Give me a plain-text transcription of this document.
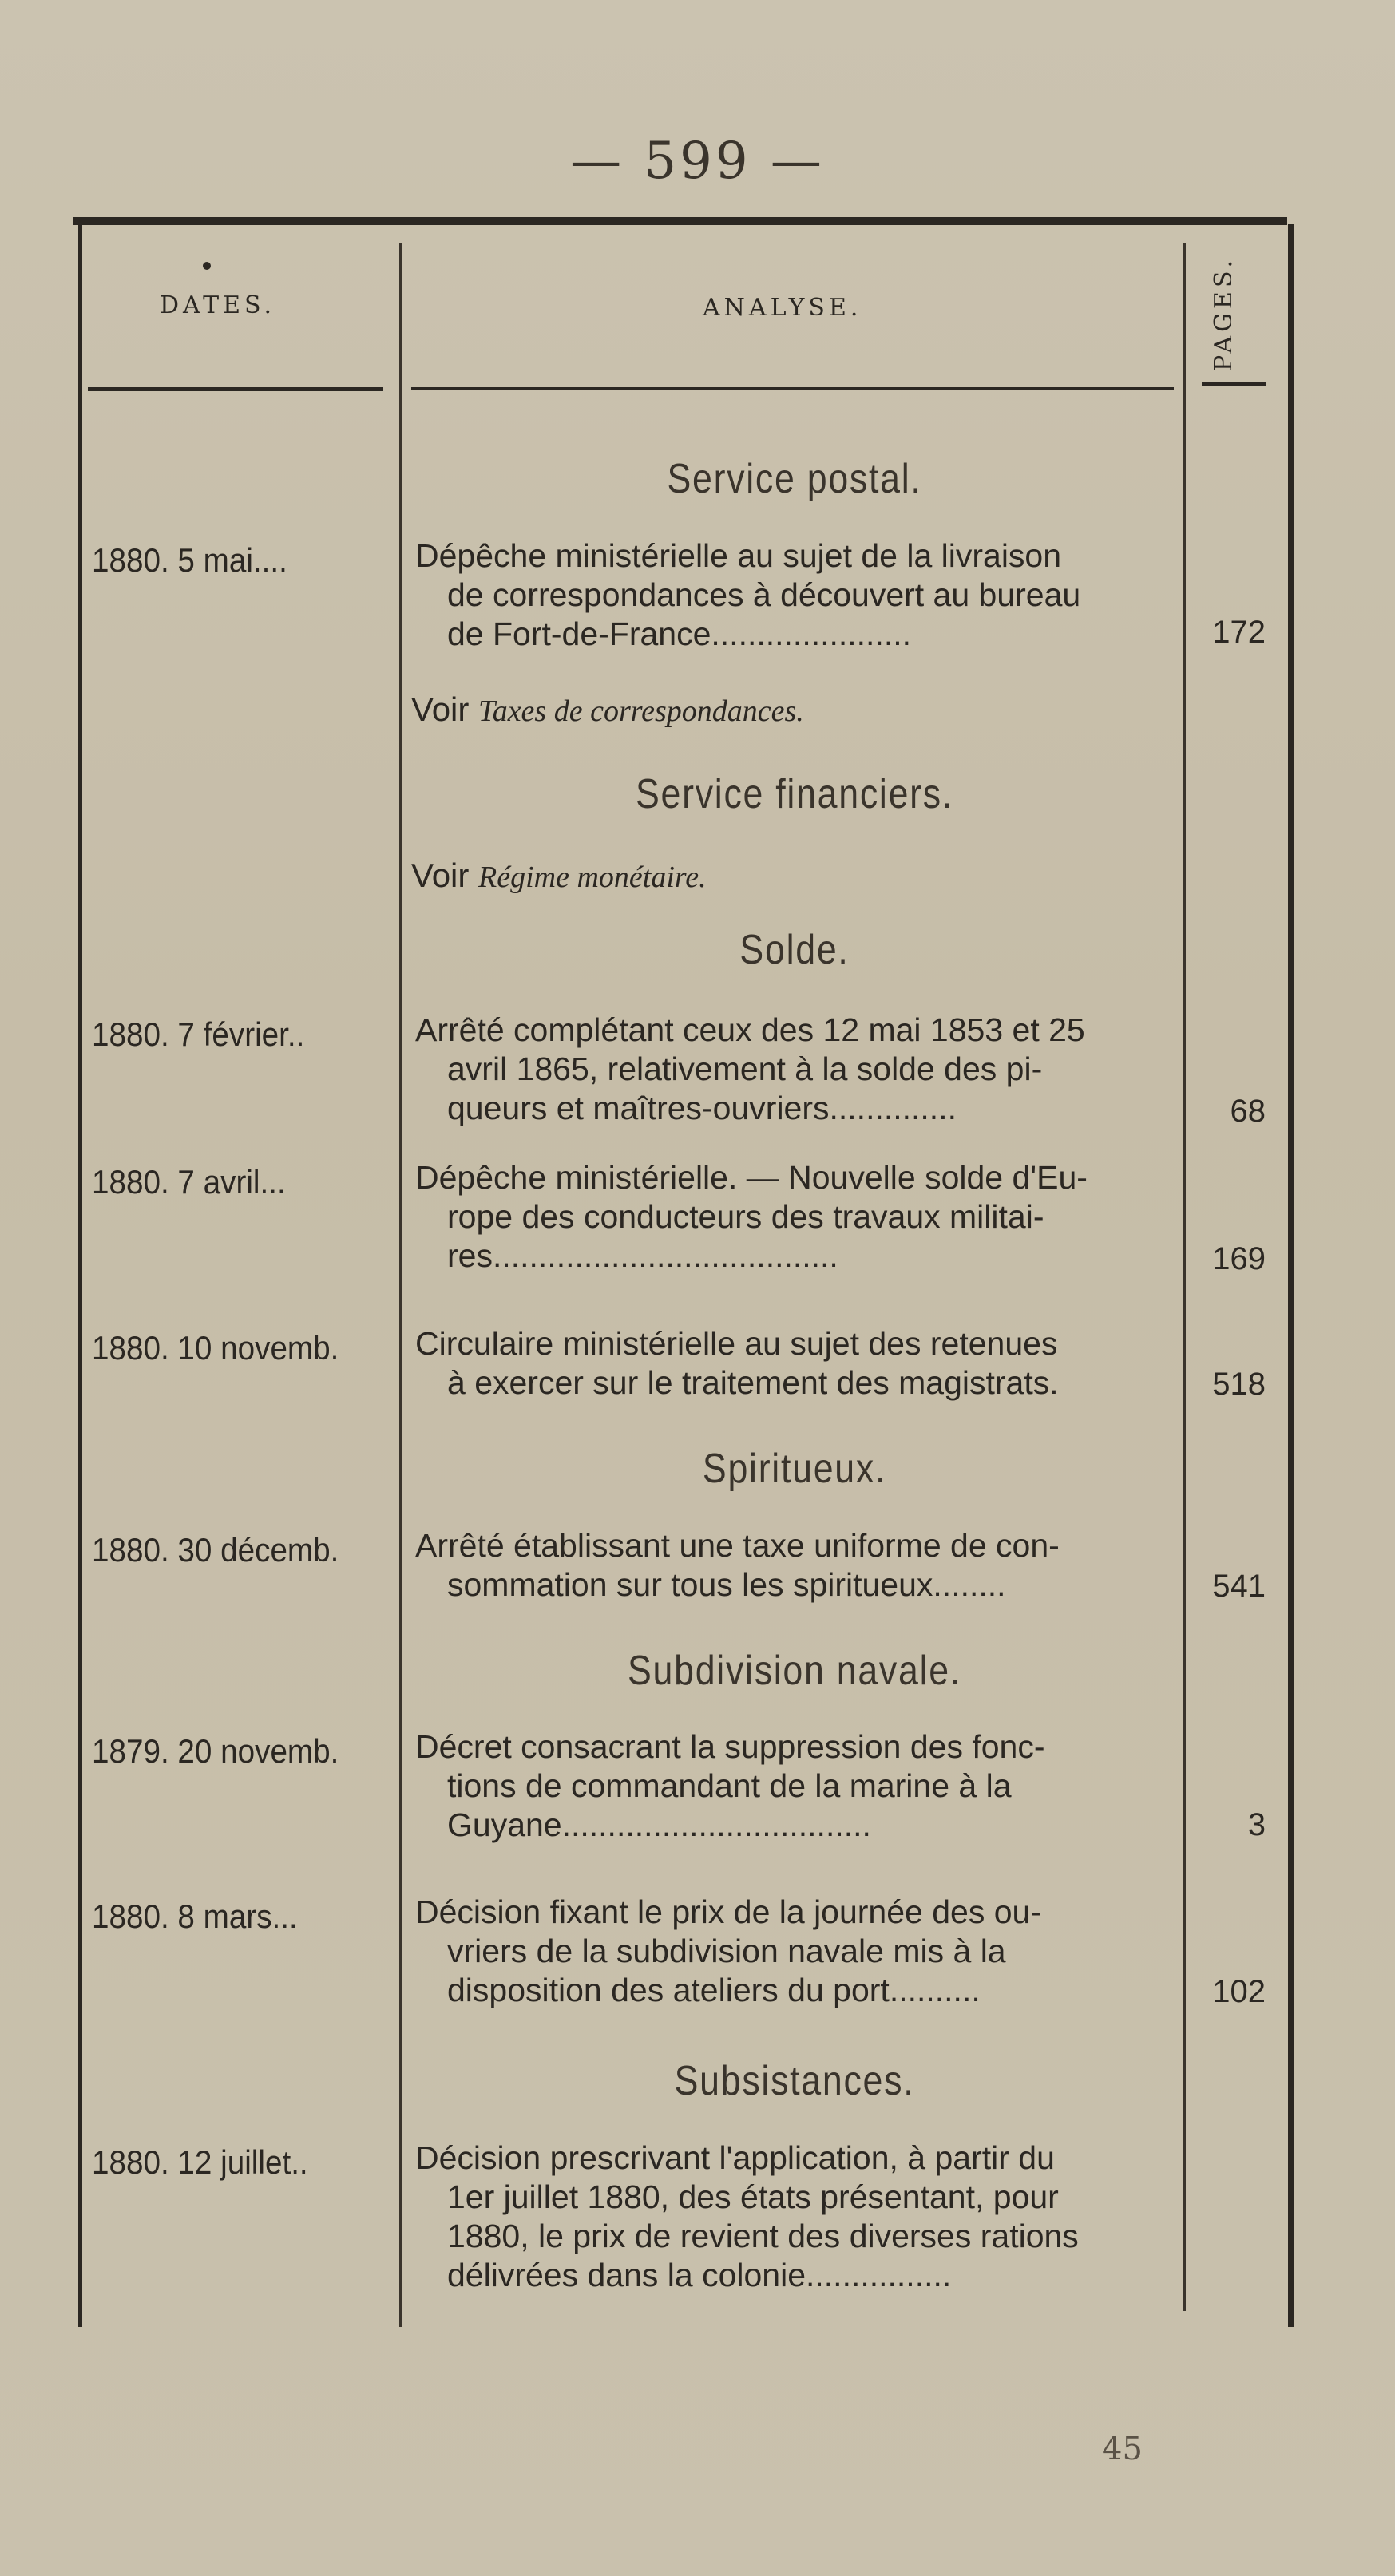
— 599 —
DATES.	ANALYSE.	PAGES.
Service postal.
1880. 5 mai....	Dépêche ministérielle au sujet de la livraison
de correspondances à découvert au bureau
de Fort-de-France......................	172
Voir Taxes de correspondances.
Service financiers.
Voir Régime monétaire.
Solde.
1880. 7 février..	Arrêté complétant ceux des 12 mai 1853 et 25
avril 1865, relativement à la solde des pi-
queurs et maîtres-ouvriers..............	68
1880. 7 avril...	Dépêche ministérielle. — Nouvelle solde d'Eu-
rope des conducteurs des travaux militai-
res......................................	169
1880. 10 novemb.	Circulaire ministérielle au sujet des retenues
à exercer sur le traitement des magistrats.	518
Spiritueux.
1880. 30 décemb.	Arrêté établissant une taxe uniforme de con-
sommation sur tous les spiritueux........	541
Subdivision navale.
1879. 20 novemb.	Décret consacrant la suppression des fonc-
tions de commandant de la marine à la
Guyane..................................	3
1880. 8 mars...	Décision fixant le prix de la journée des ou-
vriers de la subdivision navale mis à la
disposition des ateliers du port..........	102
Subsistances.
1880. 12 juillet..	Décision prescrivant l'application, à partir du
1er juillet 1880, des états présentant, pour
1880, le prix de revient des diverses rations
délivrées dans la colonie................
45
